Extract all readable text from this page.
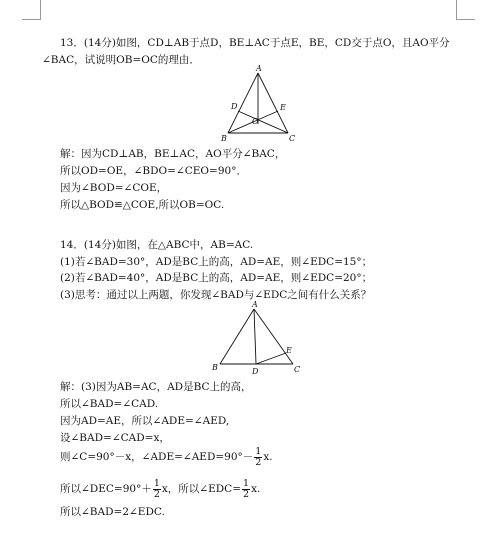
13．(14分)如图，CD⊥AB于点D，BE⊥AC于点E，BE，CD交于点O，且AO平分
∠BAC，试说明OB=OC的理由．
A
B	C
D	E
O
解：因为CD⊥AB，BE⊥AC，AO平分∠BAC，
所以OD=OE，∠BDO=∠CEO=90°．
因为∠BOD=∠COE，
所以△BOD≌△COE,所以OB=OC.
14．(14分)如图，在△ABC中，AB=AC.
(1)若∠BAD=30°，AD是BC上的高，AD=AE，则∠EDC=15°；
(2)若∠BAD=40°，AD是BC上的高，AD=AE，则∠EDC=20°；
(3)思考：通过以上两题，你发现∠BAD与∠EDC之间有什么关系？
A
B	C
D
E
解：(3)因为AB=AC，AD是BC上的高，
所以∠BAD=∠CAD.
因为AD=AE，所以∠ADE=∠AED,
设∠BAD=∠CAD=x，
则∠C=90°－x，∠ADE=∠AED=90°－ $\frac{1}{2} x$.
所以∠DEC=90°＋ $\frac{1}{2}$ x，所以∠EDC= $\frac{1}{2} x$.
所以∠BAD=2∠EDC.
